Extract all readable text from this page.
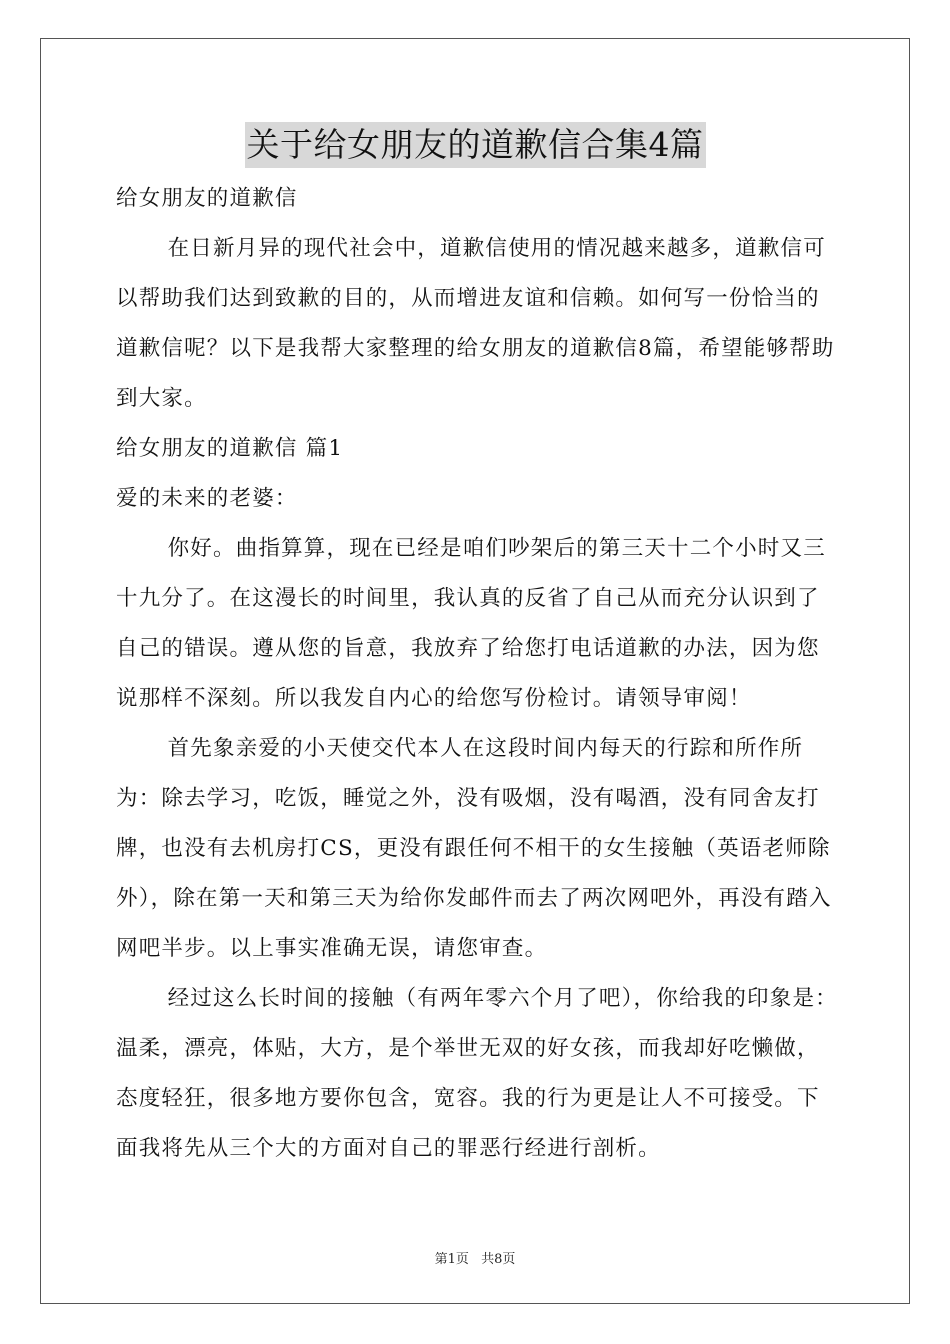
关于给女朋友的道歉信合集4篇

给女朋友的道歉信

在日新月异的现代社会中，道歉信使用的情况越来越多，道歉信可以帮助我们达到致歉的目的，从而增进友谊和信赖。如何写一份恰当的道歉信呢？以下是我帮大家整理的给女朋友的道歉信8篇，希望能够帮助到大家。

给女朋友的道歉信 篇1

爱的未来的老婆：

你好。曲指算算，现在已经是咱们吵架后的第三天十二个小时又三十九分了。在这漫长的时间里，我认真的反省了自己从而充分认识到了自己的错误。遵从您的旨意，我放弃了给您打电话道歉的办法，因为您说那样不深刻。所以我发自内心的给您写份检讨。请领导审阅！

首先象亲爱的小天使交代本人在这段时间内每天的行踪和所作所为：除去学习，吃饭，睡觉之外，没有吸烟，没有喝酒，没有同舍友打牌，也没有去机房打CS，更没有跟任何不相干的女生接触（英语老师除外），除在第一天和第三天为给你发邮件而去了两次网吧外，再没有踏入网吧半步。以上事实准确无误，请您审查。

经过这么长时间的接触（有两年零六个月了吧），你给我的印象是：温柔，漂亮，体贴，大方，是个举世无双的好女孩，而我却好吃懒做，态度轻狂，很多地方要你包含，宽容。我的行为更是让人不可接受。下面我将先从三个大的方面对自己的罪恶行经进行剖析。

第1页 共8页
